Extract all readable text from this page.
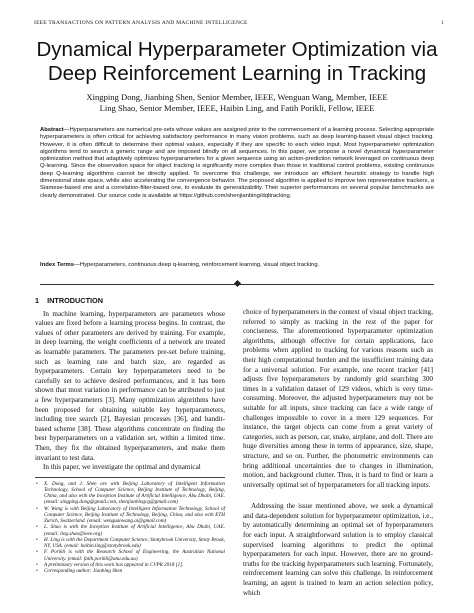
IEEE TRANSACTIONS ON PATTERN ANALYSIS AND MACHINE INTELLIGENCE	1
Dynamical Hyperparameter Optimization via
Deep Reinforcement Learning in Tracking
Xingping Dong, Jianbing Shen, Senior Member, IEEE, Wenguan Wang, Member, IEEE
Ling Shao, Senior Member, IEEE, Haibin Ling, and Fatih Porikli, Fellow, IEEE
Abstract—Hyperparameters are numerical pre-sets whose values are assigned prior to the commencement of a learning process. Selecting appropriate hyperparameters is often critical for achieving satisfactory performance in many vision problems, such as deep learning-based visual object tracking. However, it is often difficult to determine their optimal values, especially if they are specific to each video input. Most hyperparameter optimization algorithms tend to search a generic range and are imposed blindly on all sequences. In this paper, we propose a novel dynamical hyperparameter optimization method that adaptively optimizes hyperparameters for a given sequence using an action-prediction network leveraged on continuous deep Q-learning. Since the observation space for object tracking is significantly more complex than those in traditional control problems, existing continuous deep Q-learning algorithms cannot be directly applied. To overcome this challenge, we introduce an efficient heuristic strategy to handle high dimensional state space, while also accelerating the convergence behavior. The proposed algorithm is applied to improve two representative trackers, a Siamese-based one and a correlation-filter-based one, to evaluate its generalizability. Their superior performances on several popular benchmarks are clearly demonstrated. Our source code is available at https://github.com/shenjianbing/dqltracking.
Index Terms—Hyperparameters, continuous deep q-learning, reinforcement learning, visual object tracking.
1 INTRODUCTION

In machine learning, hyperparameters are parameters whose values are fixed before a learning process begins. In contrast, the values of other parameters are derived by training. For example, in deep learning, the weight coefficients of a network are treated as learnable parameters. The parameters pre-set before training, such as learning rate and batch size, are regarded as hyperparameters. Certain key hyperparameters need to be carefully set to achieve desired performances, and it has been shown that most variation in performance can be attributed to just a few hyperparameters [3]. Many optimization algorithms have been proposed for obtaining suitable key hyperparameters, including tree search [2], Bayesian processes [36], and bandit-based scheme [38]. These algorithms concentrate on finding the best hyperparameters on a validation set, within a limited time. Then, they fix the obtained hyperparameters, and make them invariant to test data.

In this paper, we investigate the optimal and dynamical

• X. Dong, and J. Shen are with Beijing Laboratory of Intelligent Information Technology, School of Computer Science, Beijing Institute of Technology, Beijing, China, and also with the Inception Institute of Artificial Intelligence, Abu Dhabi, UAE. (email: xingping.dong@gmail.com, shenjianbingcg@gmail.com)
• W. Wang is with Beijing Laboratory of Intelligent Information Technology, School of Computer Science, Beijing Institute of Technology, Beijing, China, and also with ETH Zurich, Switzerland. (email: wenguanwang.ai@gmail.com)
• L. Shao is with the Inception Institute of Artificial Intelligence, Abu Dhabi, UAE. (email: ling.shao@ieee.org)
• H. Ling is with the Department Computer Science, Stonybrook University, Stony Brook, NY, USA. (email: haibin.ling@stonybrook.edu)
• F. Porikli is with the Research School of Engineering, the Australian National University. (email: fatih.porikli@anu.edu.au)
• A preliminary version of this work has appeared in CVPR 2018 [1].
• Corresponding author: Jianbing Shen

choice of hyperparameters in the context of visual object tracking, referred to simply as tracking in the rest of the paper for conciseness. The aforementioned hyperparameter optimization algorithms, although effective for certain applications, face problems when applied to tracking for various reasons such as their high computational burden and the insufficient training data for a universal solution. For example, one recent tracker [41] adjusts five hyperparameters by randomly grid searching 300 times in a validation dataset of 129 videos, which is very time-consuming. Moreover, the adjusted hyperparameters may not be suitable for all inputs, since tracking can face a wide range of challenges impossible to cover in a mere 129 sequences. For instance, the target objects can come from a great variety of categories, such as person, car, snake, airplane, and doll. There are huge diversities among these in terms of appearance, size, shape, structure, and so on. Further, the photometric environments can bring additional uncertainties due to changes in illumination, motion, and background clutter. Thus, it is hard to find or learn a universally optimal set of hyperparameters for all tracking inputs.

Addressing the issue mentioned above, we seek a dynamical and data-dependent solution for hyperparameter optimization, i.e., by automatically determining an optimal set of hyperparameters for each input. A straightforward solution is to employ classical supervised learning algorithms to predict the optimal hyperparameters for each input. However, there are no ground-truths for the tracking hyperparameters such learning. Fortunately, reinforcement learning can solve this challenge. In reinforcement learning, an agent is trained to learn an action selection policy, which
